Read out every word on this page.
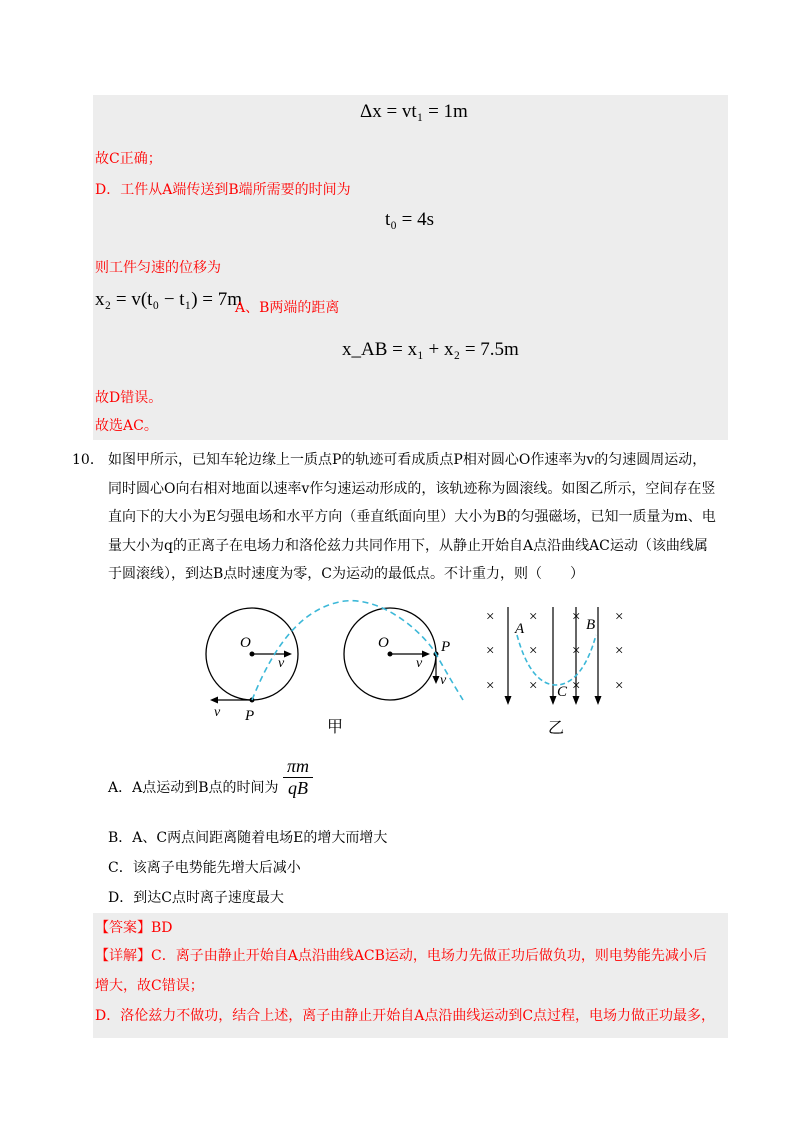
Δx = vt₁ = 1m
故C正确；
D．工件从A端传送到B端所需要的时间为
t₀ = 4s
则工件匀速的位移为
x₂ = v(t₀ − t₁) = 7m
A、B两端的距离
x_AB = x₁ + x₂ = 7.5m
故D错误。
故选AC。
10． 如图甲所示，已知车轮边缘上一质点P的轨迹可看成质点P相对圆心O作速率为v的匀速圆周运动，
同时圆心O向右相对地面以速率v作匀速运动形成的，该轨迹称为圆滚线。如图乙所示，空间存在竖
直向下的大小为E匀强电场和水平方向（垂直纸面向里）大小为B的匀强磁场，已知一质量为m、电
量大小为q的正离子在电场力和洛伦兹力共同作用下，从静止开始自A点沿曲线AC运动（该曲线属
于圆滚线），到达B点时速度为零，C为运动的最低点。不计重力，则（　　）
O
v
v P
O
v
P
v
甲
× × × ×
× × × ×
× × × ×
A	B
C
乙
A．A点运动到B点的时间为 $\frac{\pi m}{qB}$
B．A、C两点间距离随着电场E的增大而增大
C．该离子电势能先增大后减小
D．到达C点时离子速度最大
【答案】BD
【详解】C．离子由静止开始自A点沿曲线ACB运动，电场力先做正功后做负功，则电势能先减小后
增大，故C错误；
D．洛伦兹力不做功，结合上述，离子由静止开始自A点沿曲线运动到C点过程，电场力做正功最多，
